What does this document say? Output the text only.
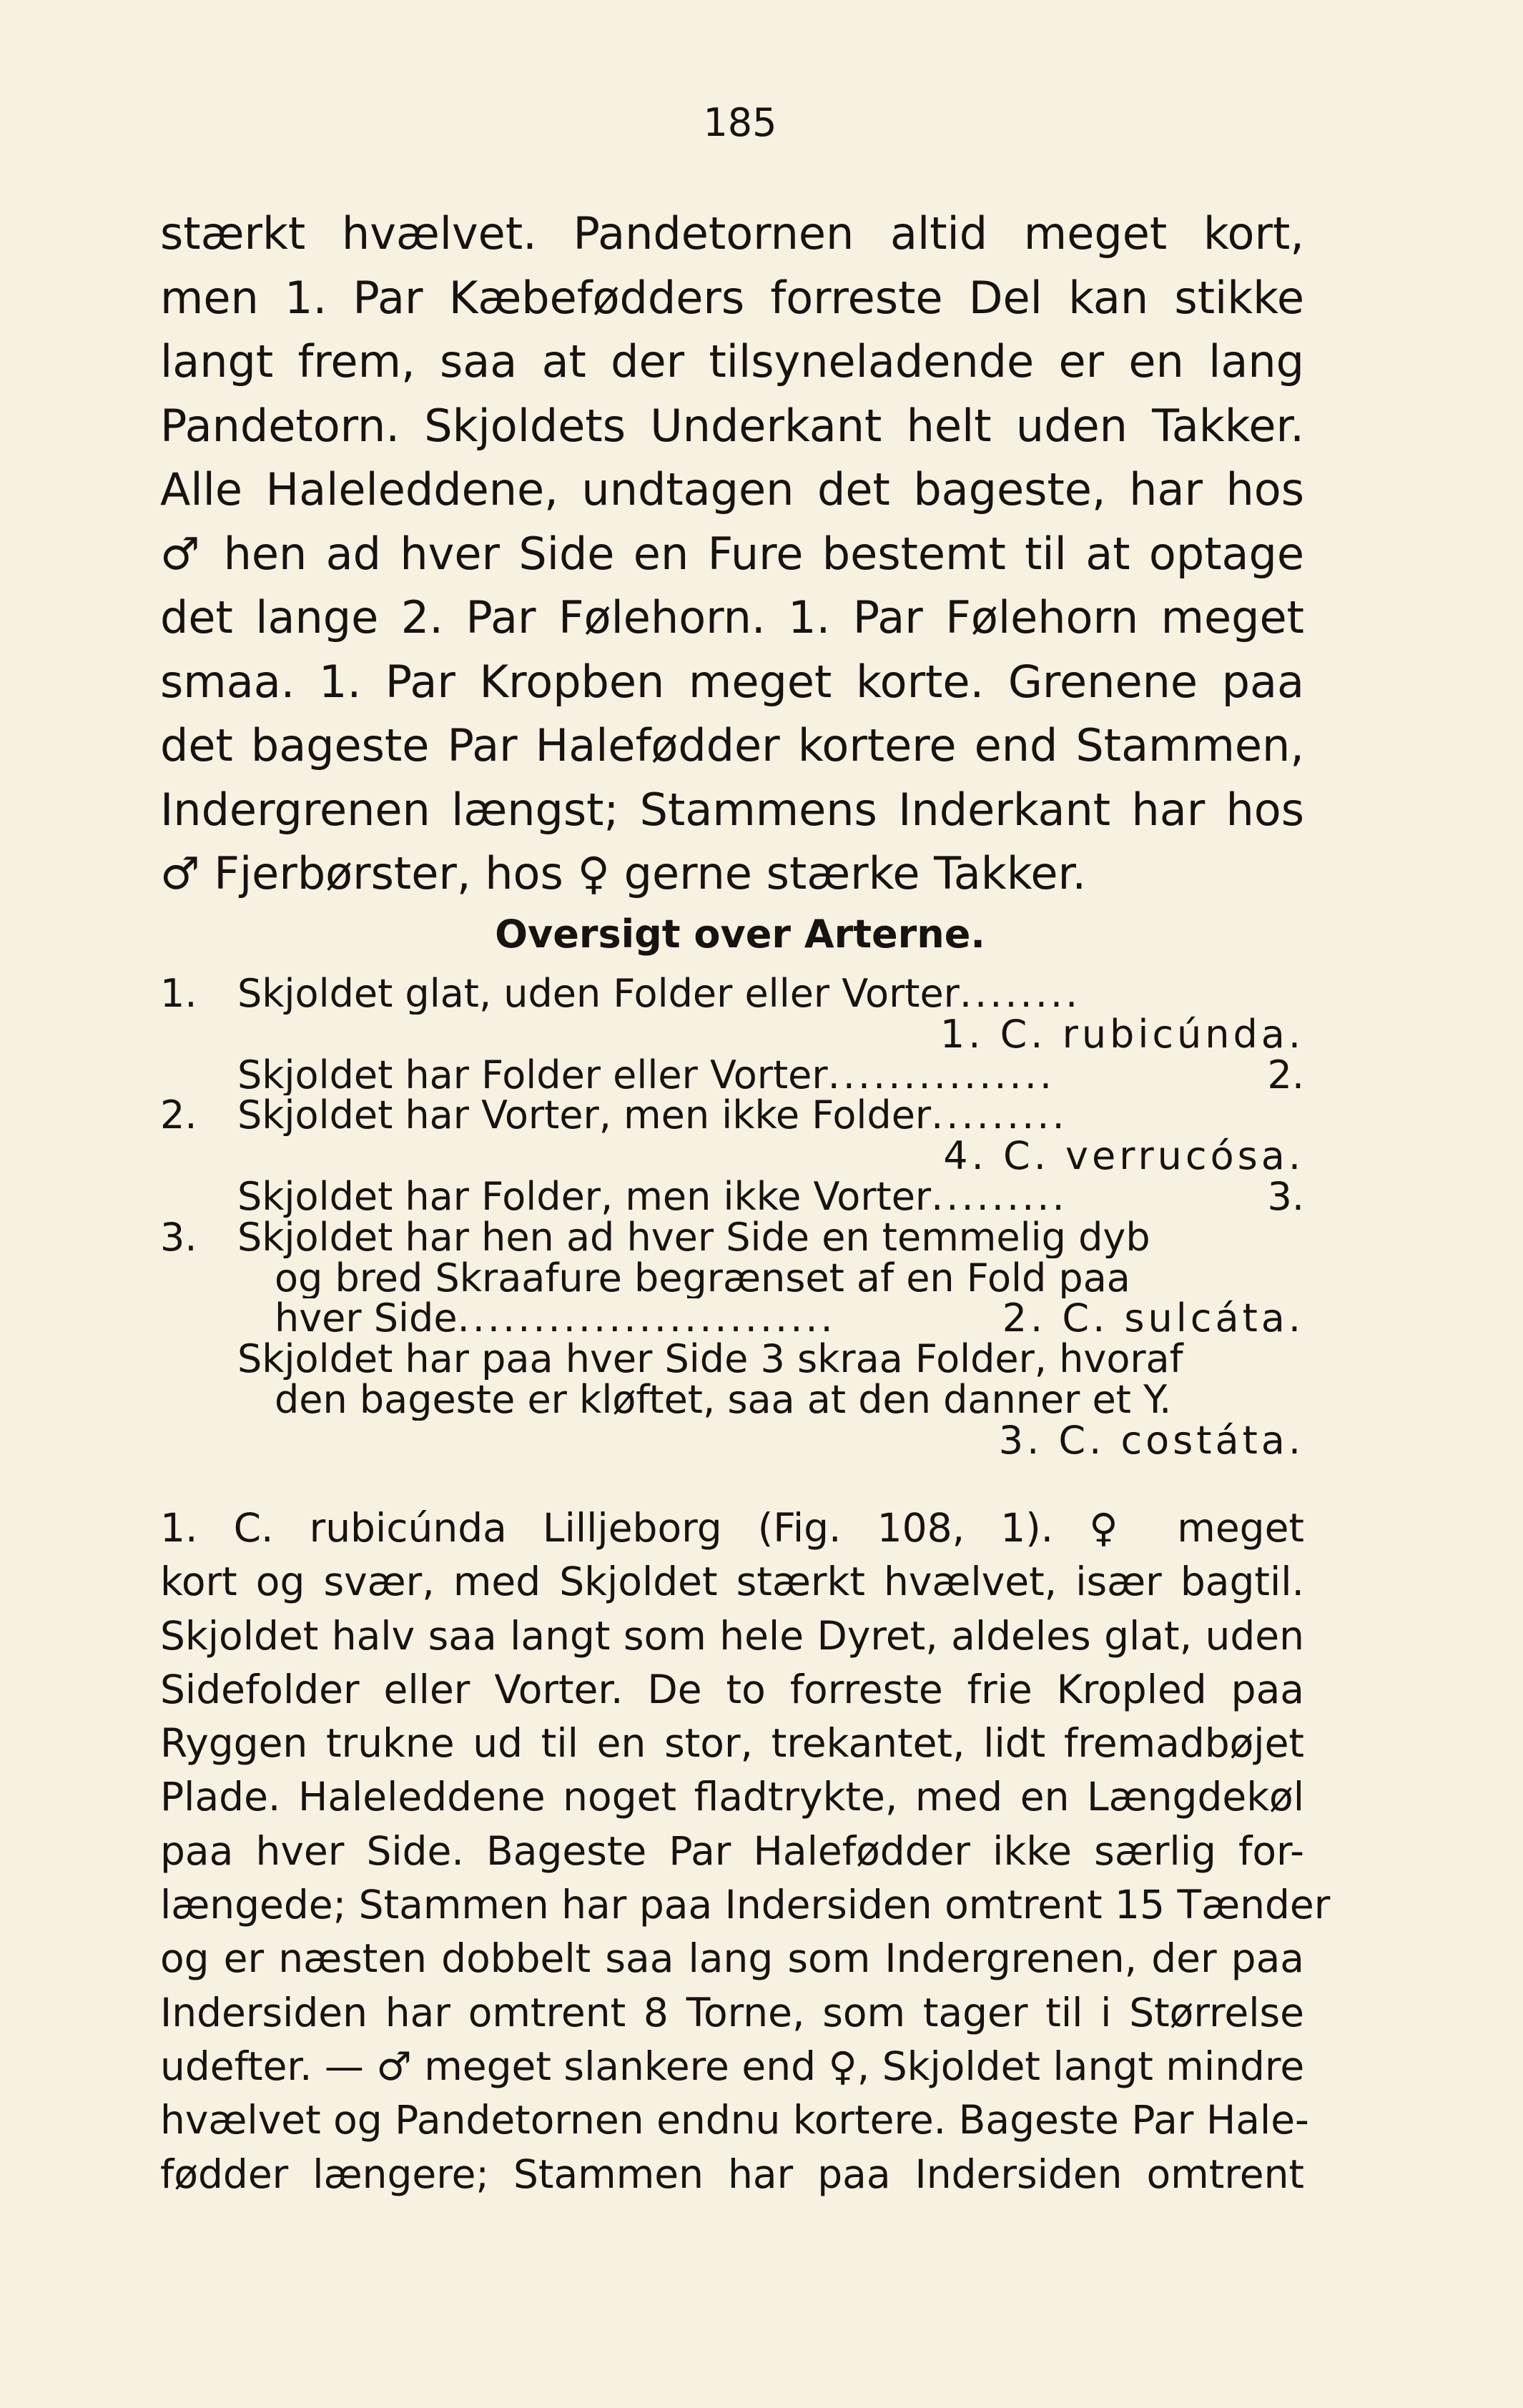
185
stærkt hvælvet. Pandetornen altid meget kort,
men 1. Par Kæbefødders forreste Del kan stikke
langt frem, saa at der tilsyneladende er en lang
Pandetorn. Skjoldets Underkant helt uden Takker.
Alle Haleleddene, undtagen det bageste, har hos
♂ hen ad hver Side en Fure bestemt til at optage
det lange 2. Par Følehorn. 1. Par Følehorn meget
smaa. 1. Par Kropben meget korte. Grenene paa
det bageste Par Halefødder kortere end Stammen,
Indergrenen længst; Stammens Inderkant har hos
♂ Fjerbørster, hos ♀ gerne stærke Takker.
Oversigt over Arterne.
1. Skjoldet glat, uden Folder eller Vorter ........
1. C. rubicúnda.
Skjoldet har Folder eller Vorter ...............	2.
2. Skjoldet har Vorter, men ikke Folder .........
4. C. verrucósa.
Skjoldet har Folder, men ikke Vorter .........	3.
3. Skjoldet har hen ad hver Side en temmelig dyb
og bred Skraafure begrænset af en Fold paa
hver Side .........................	2. C. sulcáta.
Skjoldet har paa hver Side 3 skraa Folder, hvoraf
den bageste er kløftet, saa at den danner et Y.
3. C. costáta.
1. C. rubicúnda Lilljeborg (Fig. 108, 1). ♀ meget
kort og svær, med Skjoldet stærkt hvælvet, især bagtil.
Skjoldet halv saa langt som hele Dyret, aldeles glat, uden
Sidefolder eller Vorter. De to forreste frie Kropled paa
Ryggen trukne ud til en stor, trekantet, lidt fremadbøjet
Plade. Haleleddene noget fladtrykte, med en Længdekøl
paa hver Side. Bageste Par Halefødder ikke særlig for-
længede; Stammen har paa Indersiden omtrent 15 Tænder
og er næsten dobbelt saa lang som Indergrenen, der paa
Indersiden har omtrent 8 Torne, som tager til i Størrelse
udefter. — ♂ meget slankere end ♀, Skjoldet langt mindre
hvælvet og Pandetornen endnu kortere. Bageste Par Hale-
fødder længere; Stammen har paa Indersiden omtrent
